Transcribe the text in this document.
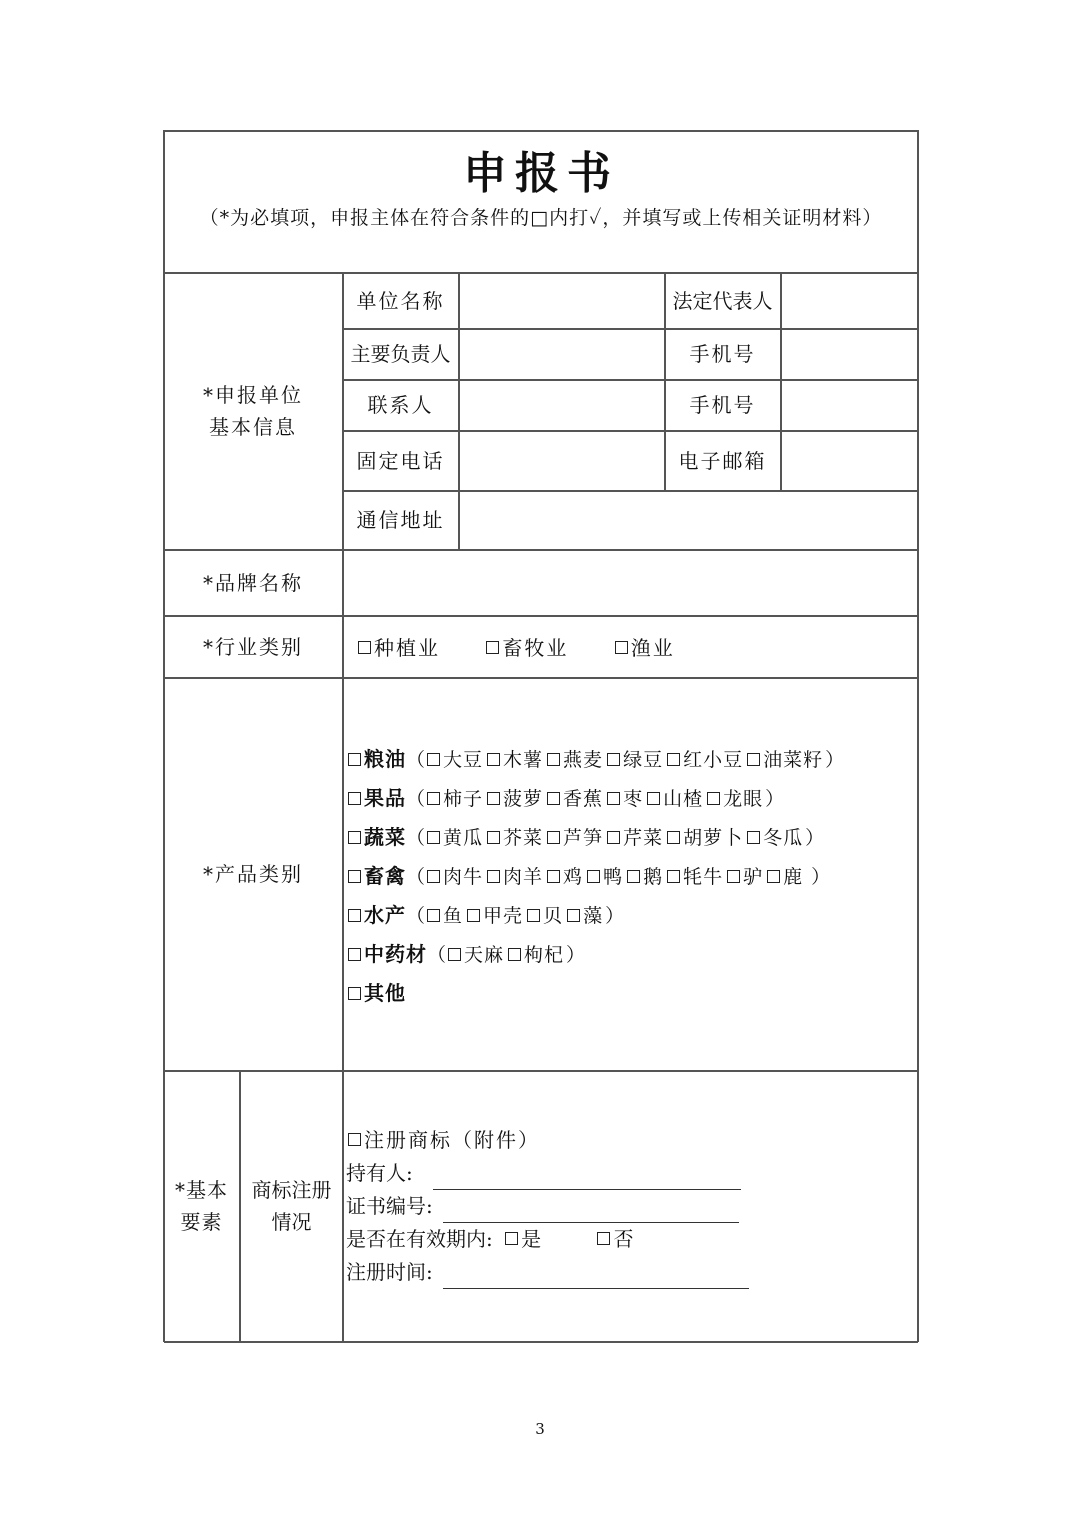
申报书
（*为必填项，申报主体在符合条件的□内打✓，并填写或上传相关证明材料）
*申报单位
基本信息
单位名称	法定代表人
主要负责人	手机号
联系人	手机号
固定电话	电子邮箱
通信地址
*品牌名称
*行业类别	种植业	畜牧业	渔业
*产品类别
粮油（ 大豆 木薯 燕麦 绿豆 红小豆 油菜籽 ）
果品（ 柿子 菠萝 香蕉 枣 山楂 龙眼 ）
蔬菜（ 黄瓜 芥菜 芦笋 芹菜 胡萝卜 冬瓜 ）
畜禽（ 肉牛 肉羊 鸡 鸭 鹅 牦牛 驴 鹿 ）
水产（ 鱼 甲壳 贝 藻 ）
中药材（ 天麻 枸杞 ）
其他
*基本
要素
商标注册
情况
注册商标（附件）
持有人:
证书编号:
是否在有效期内: 是	否
注册时间:
3
